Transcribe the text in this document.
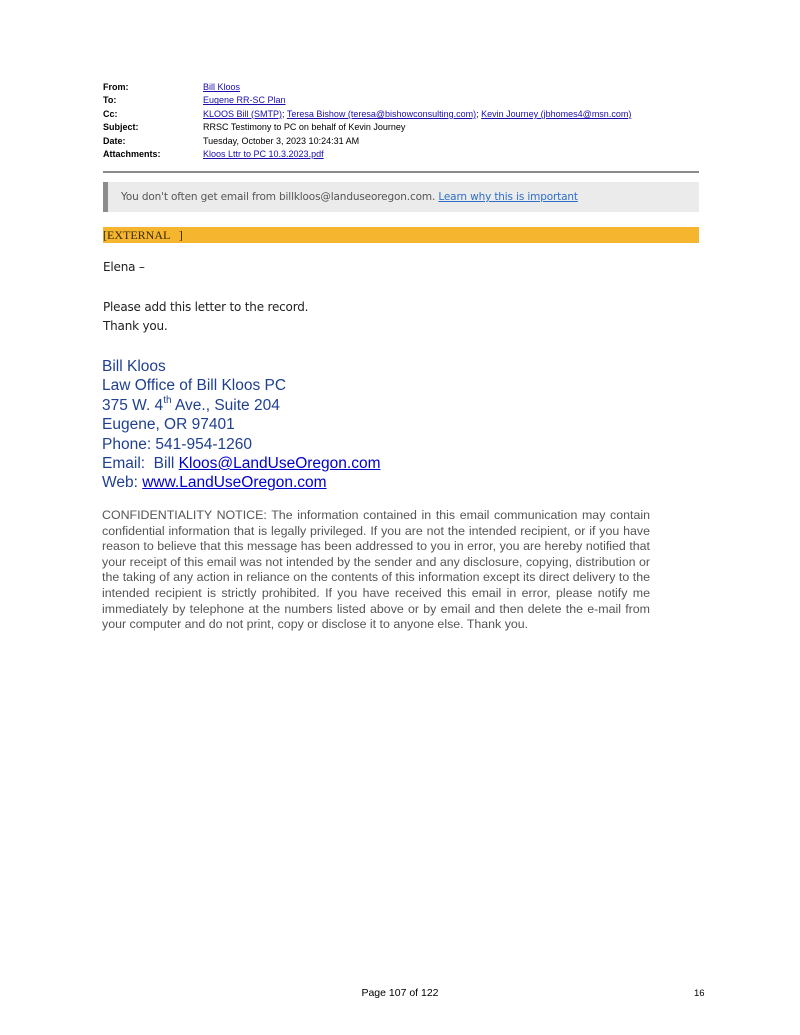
From:	Bill Kloos
To:	Eugene RR-SC Plan
Cc:	KLOOS Bill (SMTP); Teresa Bishow (teresa@bishowconsulting.com); Kevin Journey (jbhomes4@msn.com)
Subject:	RRSC Testimony to PC on behalf of Kevin Journey
Date:	Tuesday, October 3, 2023 10:24:31 AM
Attachments:	Kloos Lttr to PC 10.3.2023.pdf
You don't often get email from billkloos@landuseoregon.com. Learn why this is important
[EXTERNAL   ]
Elena –
Please add this letter to the record.
Thank you.
Bill Kloos
Law Office of Bill Kloos PC
375 W. 4th Ave., Suite 204
Eugene, OR 97401
Phone: 541-954-1260
Email:  Bill Kloos@LandUseOregon.com
Web: www.LandUseOregon.com
CONFIDENTIALITY NOTICE: The information contained in this email communication may contain confidential information that is legally privileged. If you are not the intended recipient, or if you have reason to believe that this message has been addressed to you in error, you are hereby notified that your receipt of this email was not intended by the sender and any disclosure, copying, distribution or the taking of any action in reliance on the contents of this information except its direct delivery to the intended recipient is strictly prohibited. If you have received this email in error, please notify me immediately by telephone at the numbers listed above or by email and then delete the e-mail from your computer and do not print, copy or disclose it to anyone else. Thank you.
Page 107 of 122	16
